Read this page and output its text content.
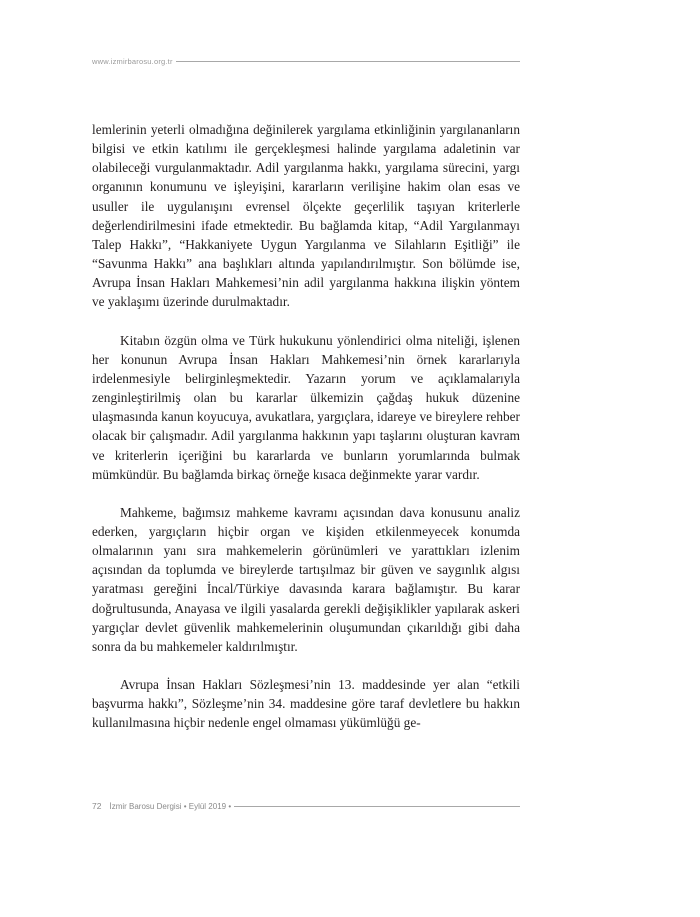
www.izmirbarosu.org.tr

lemlerinin yeterli olmadığına değinilerek yargılama etkinliğinin yargılananların bilgisi ve etkin katılımı ile gerçekleşmesi halinde yargılama adaletinin var olabileceği vurgulanmaktadır. Adil yargılanma hakkı, yargılama sürecini, yargı organının konumunu ve işleyişini, kararların verilişine hakim olan esas ve usuller ile uygulanışını evrensel ölçekte geçerlilik taşıyan kriterlerle değerlendirilmesini ifade etmektedir. Bu bağlamda kitap, “Adil Yargılanmayı Talep Hakkı”, “Hakkaniyete Uygun Yargılanma ve Silahların Eşitliği” ile “Savunma Hakkı” ana başlıkları altında yapılandırılmıştır. Son bölümde ise, Avrupa İnsan Hakları Mahkemesi’nin adil yargılanma hakkına ilişkin yöntem ve yaklaşımı üzerinde durulmaktadır.

Kitabın özgün olma ve Türk hukukunu yönlendirici olma niteliği, işlenen her konunun Avrupa İnsan Hakları Mahkemesi’nin örnek kararlarıyla irdelenmesiyle belirginleşmektedir. Yazarın yorum ve açıklamalarıyla zenginleştirilmiş olan bu kararlar ülkemizin çağdaş hukuk düzenine ulaşmasında kanun koyucuya, avukatlara, yargıçlara, idareye ve bireylere rehber olacak bir çalışmadır. Adil yargılanma hakkının yapı taşlarını oluşturan kavram ve kriterlerin içeriğini bu kararlarda ve bunların yorumlarında bulmak mümkündür. Bu bağlamda birkaç örneğe kısaca değinmekte yarar vardır.

Mahkeme, bağımsız mahkeme kavramı açısından dava konusunu analiz ederken, yargıçların hiçbir organ ve kişiden etkilenmeyecek konumda olmalarının yanı sıra mahkemelerin görünümleri ve yarattıkları izlenim açısından da toplumda ve bireylerde tartışılmaz bir güven ve saygınlık algısı yaratması gereğini İncal/Türkiye davasında karara bağlamıştır. Bu karar doğrultusunda, Anayasa ve ilgili yasalarda gerekli değişiklikler yapılarak askeri yargıçlar devlet güvenlik mahkemelerinin oluşumundan çıkarıldığı gibi daha sonra da bu mahkemeler kaldırılmıştır.

Avrupa İnsan Hakları Sözleşmesi’nin 13. maddesinde yer alan “etkili başvurma hakkı”, Sözleşme’nin 34. maddesine göre taraf devletlere bu hakkın kullanılmasına hiçbir nedenle engel olmaması yükümlüğü ge-

72 İzmir Barosu Dergisi • Eylül 2019 •
